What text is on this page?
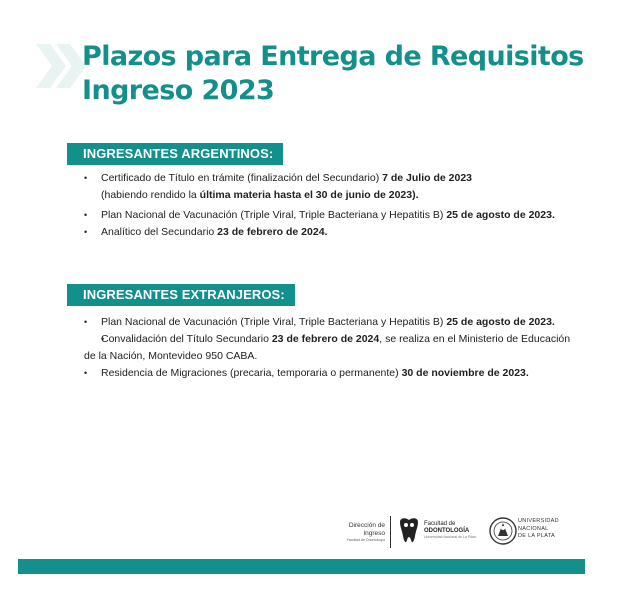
Plazos para Entrega de Requisitos
Ingreso 2023
INGRESANTES ARGENTINOS:
• Certificado de Título en trámite (finalización del Secundario) 7 de Julio de 2023
(habiendo rendido la última materia hasta el 30 de junio de 2023).
• Plan Nacional de Vacunación (Triple Viral, Triple Bacteriana y Hepatitis B) 25 de agosto de 2023.
• Analítico del Secundario 23 de febrero de 2024.
INGRESANTES EXTRANJEROS:
• Plan Nacional de Vacunación (Triple Viral, Triple Bacteriana y Hepatitis B) 25 de agosto de 2023.
• Convalidación del Título Secundario 23 de febrero de 2024, se realiza en el Ministerio de Educación de la Nación, Montevideo 950 CABA.
• Residencia de Migraciones (precaria, temporaria o permanente) 30 de noviembre de 2023.
Dirección de Ingreso
Facultad de Odontología
Facultad de
ODONTOLOGÍA
Universidad Nacional de La Plata
UNIVERSIDAD
NACIONAL
DE LA PLATA
